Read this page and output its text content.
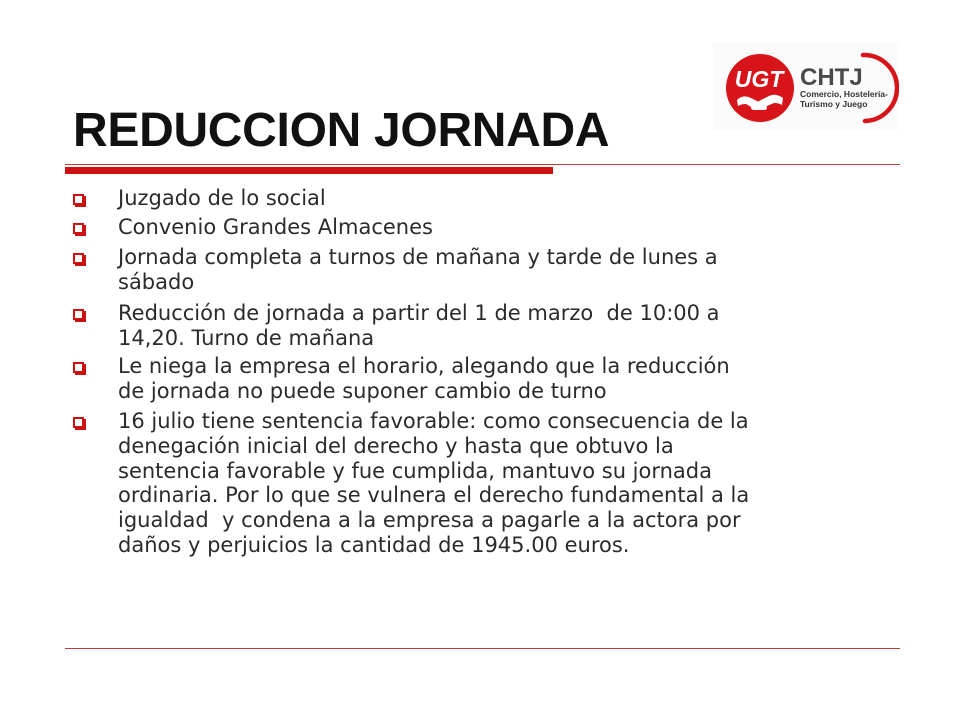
UGT CHTJ
Comercio, Hostelería-
Turismo y Juego
REDUCCION JORNADA
Juzgado de lo social
Convenio Grandes Almacenes
Jornada completa a turnos de mañana y tarde de lunes a
sábado
Reducción de jornada a partir del 1 de marzo  de 10:00 a
14,20. Turno de mañana
Le niega la empresa el horario, alegando que la reducción
de jornada no puede suponer cambio de turno
16 julio tiene sentencia favorable: como consecuencia de la
denegación inicial del derecho y hasta que obtuvo la
sentencia favorable y fue cumplida, mantuvo su jornada
ordinaria. Por lo que se vulnera el derecho fundamental a la
igualdad  y condena a la empresa a pagarle a la actora por
daños y perjuicios la cantidad de 1945.00 euros.
